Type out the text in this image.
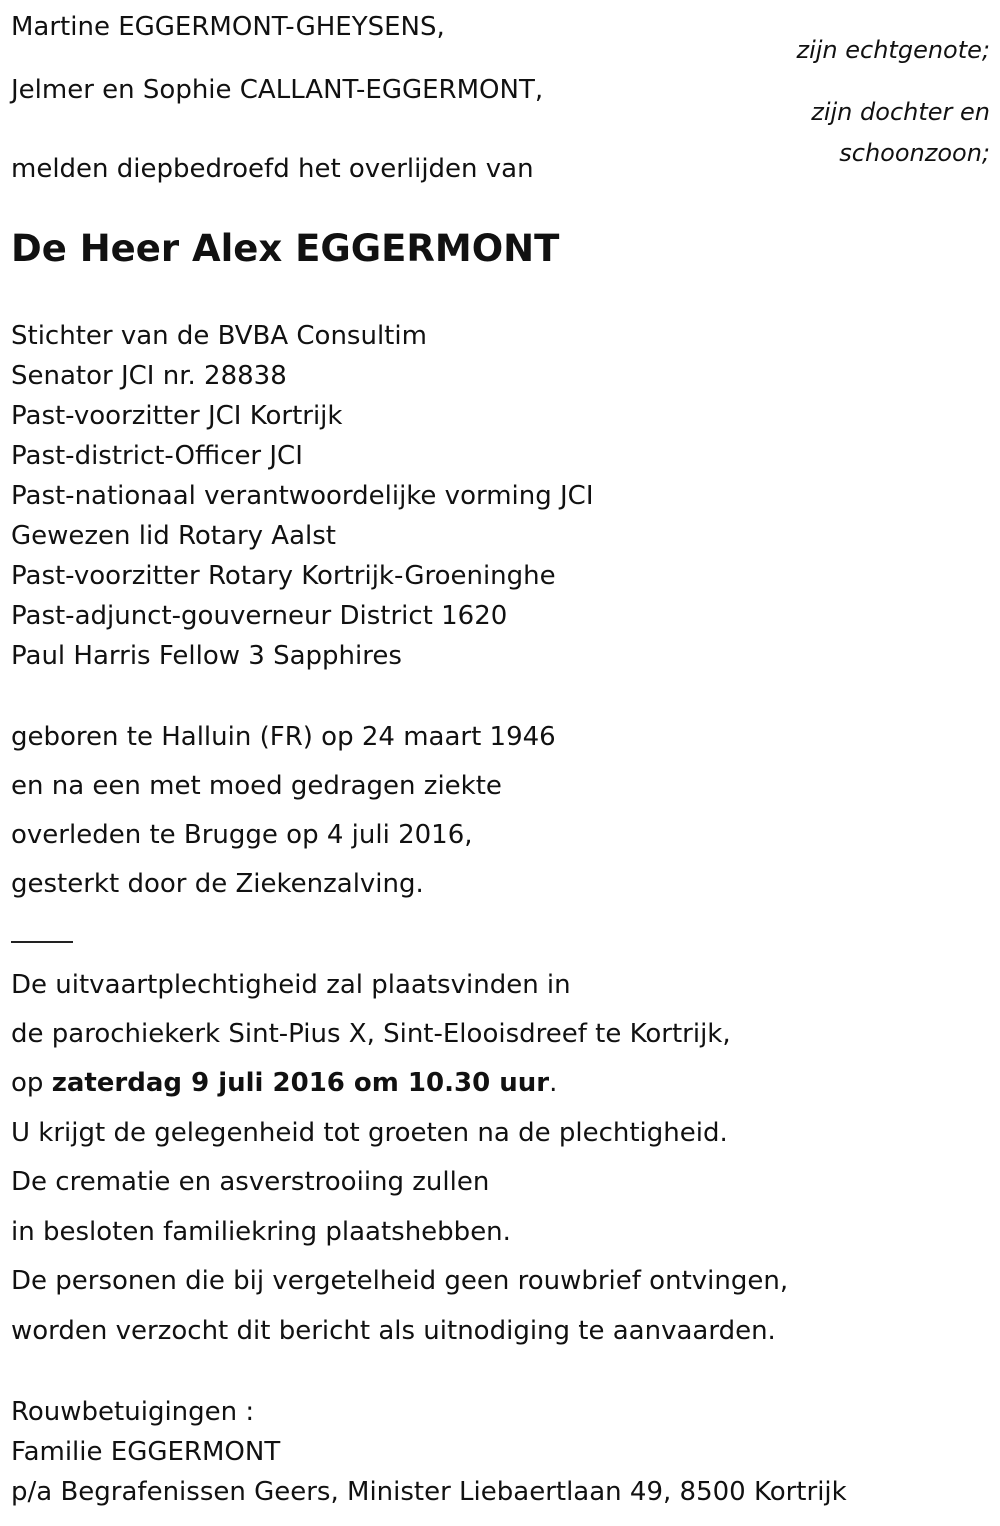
Martine EGGERMONT-GHEYSENS,
zijn echtgenote;
Jelmer en Sophie CALLANT-EGGERMONT,
zijn dochter en
schoonzoon;
melden diepbedroefd het overlijden van
De Heer Alex EGGERMONT
Stichter van de BVBA Consultim
Senator JCI nr. 28838
Past-voorzitter JCI Kortrijk
Past-district-Officer JCI
Past-nationaal verantwoordelijke vorming JCI
Gewezen lid Rotary Aalst
Past-voorzitter Rotary Kortrijk-Groeninghe
Past-adjunct-gouverneur District 1620
Paul Harris Fellow 3 Sapphires
geboren te Halluin (FR) op 24 maart 1946
en na een met moed gedragen ziekte
overleden te Brugge op 4 juli 2016,
gesterkt door de Ziekenzalving.
De uitvaartplechtigheid zal plaatsvinden in
de parochiekerk Sint-Pius X, Sint-Elooisdreef te Kortrijk,
op zaterdag 9 juli 2016 om 10.30 uur.
U krijgt de gelegenheid tot groeten na de plechtigheid.
De crematie en asverstrooiing zullen
in besloten familiekring plaatshebben.
De personen die bij vergetelheid geen rouwbrief ontvingen,
worden verzocht dit bericht als uitnodiging te aanvaarden.
Rouwbetuigingen :
Familie EGGERMONT
p/a Begrafenissen Geers, Minister Liebaertlaan 49, 8500 Kortrijk
